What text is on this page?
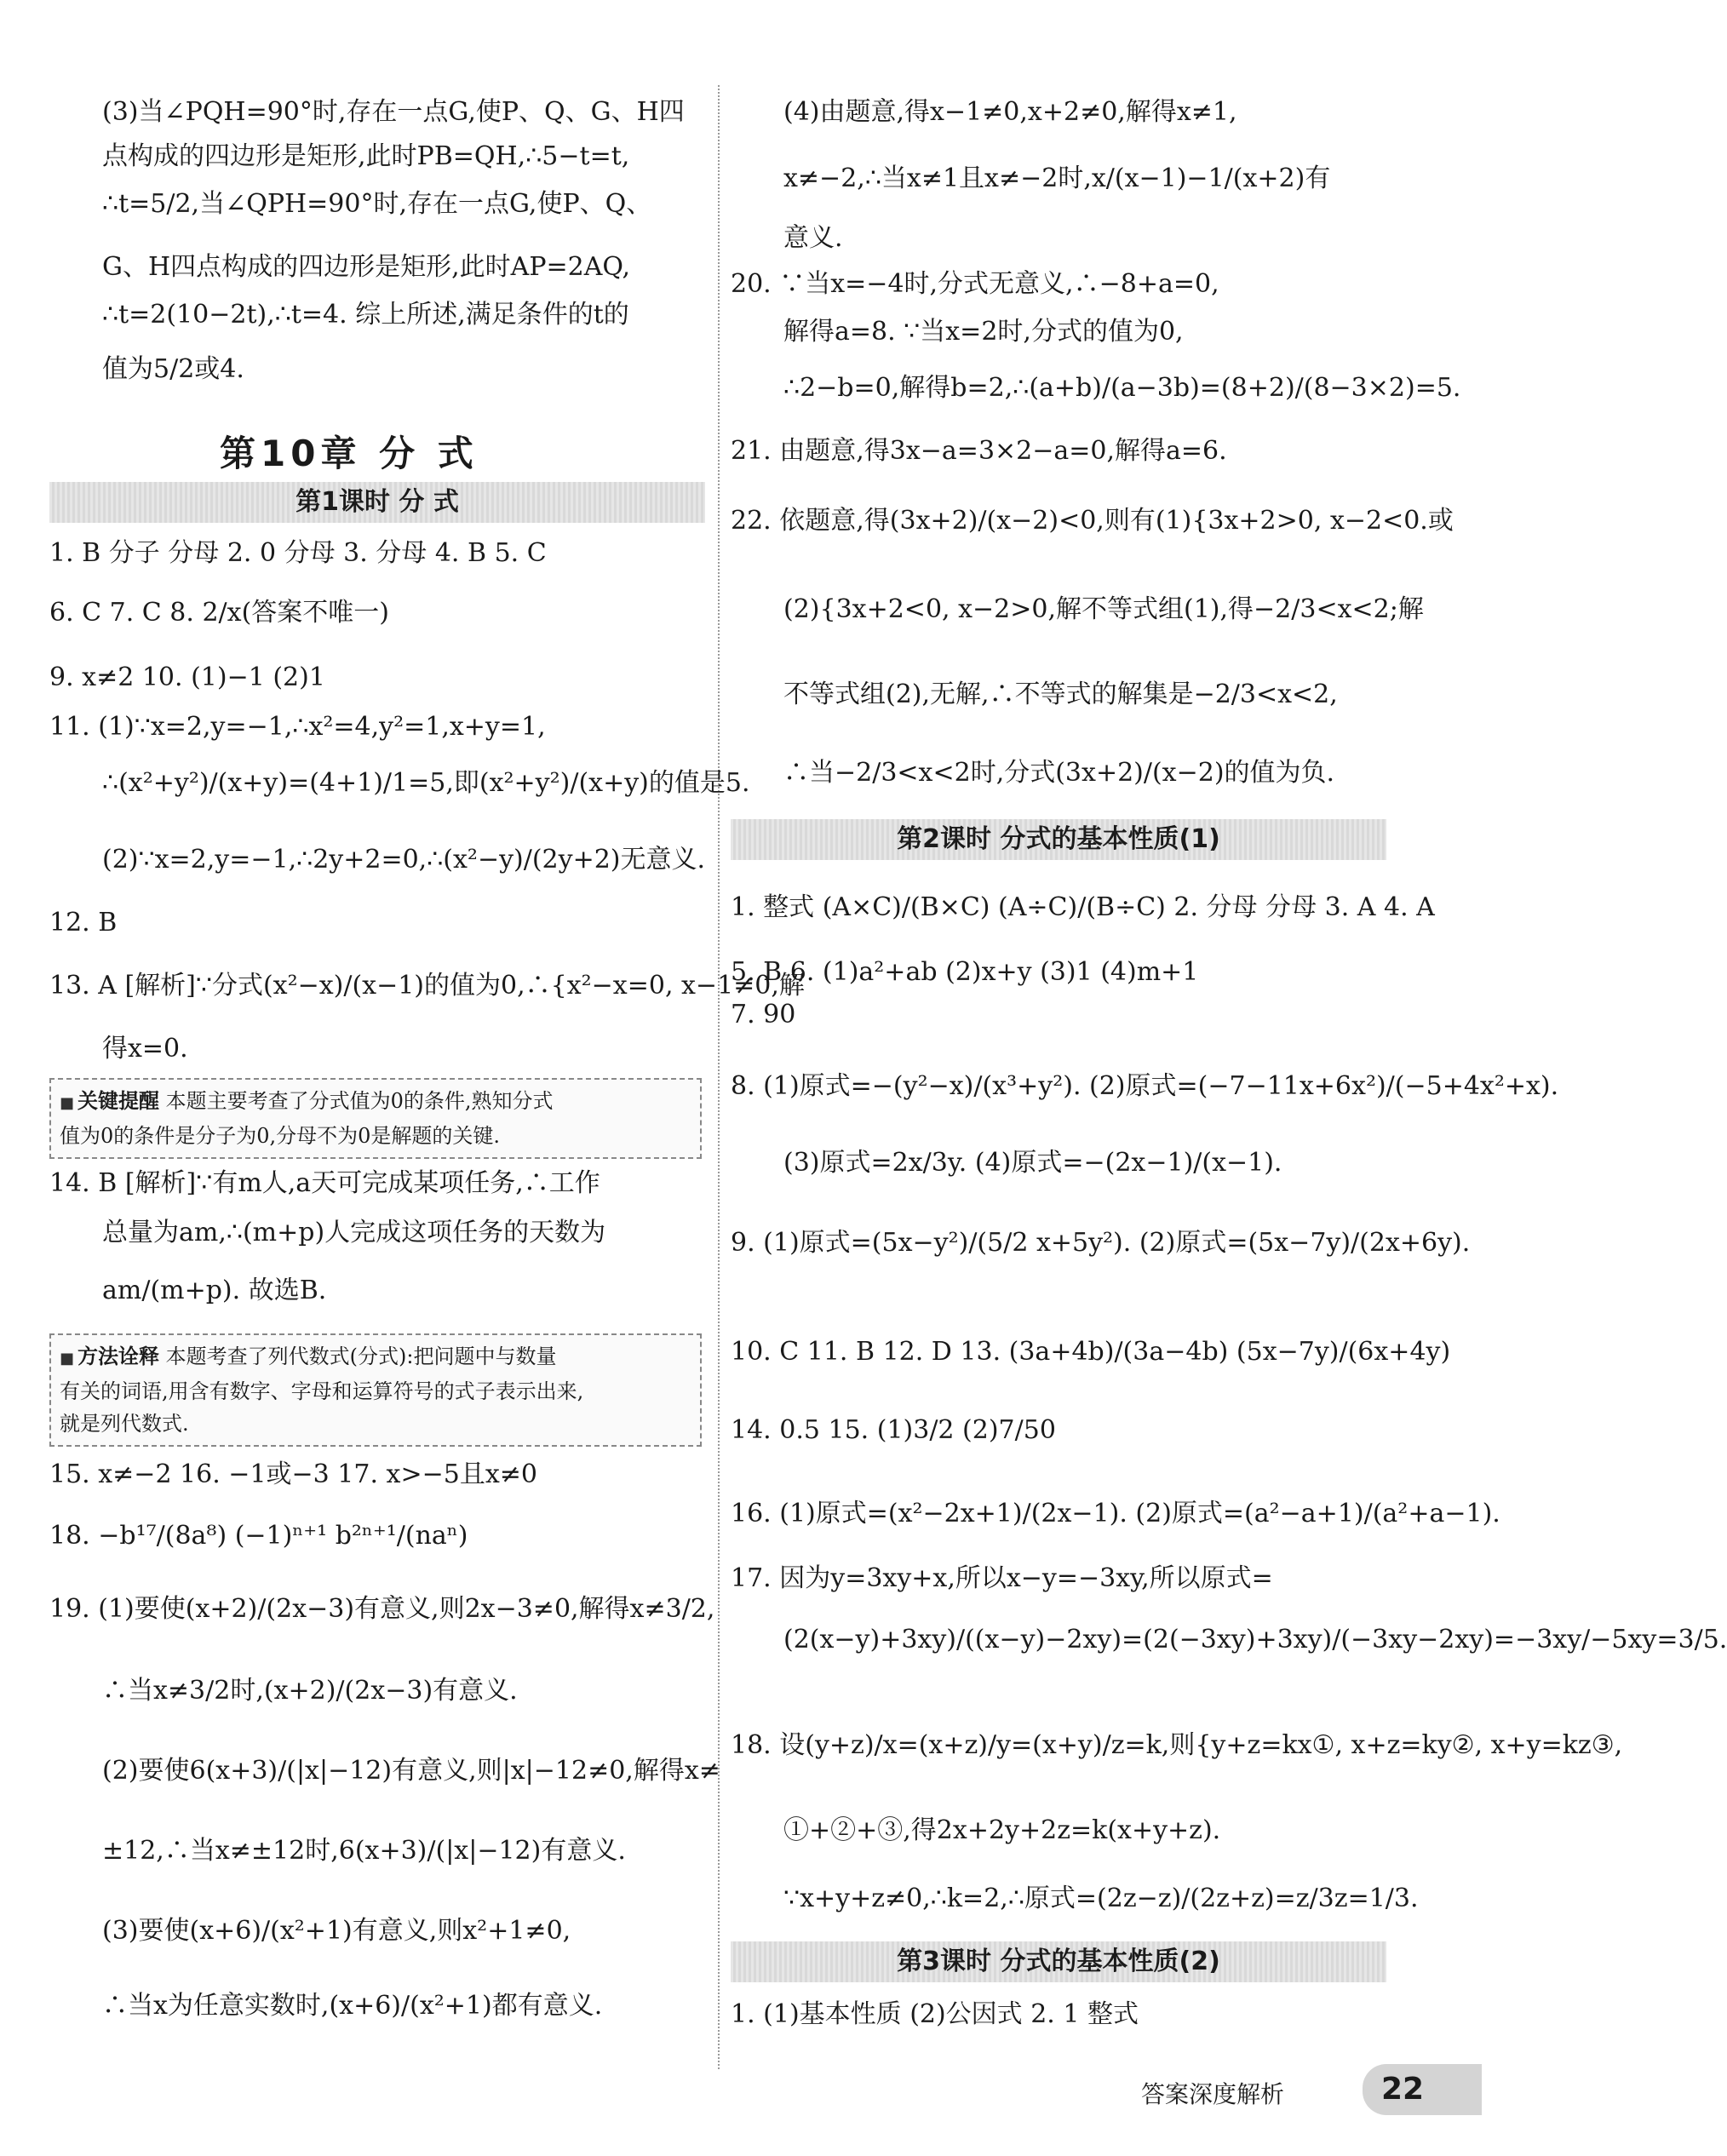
(3)当∠PQH=90°时,存在一点G,使P、Q、G、H四
点构成的四边形是矩形,此时PB=QH,∴5−t=t,
∴t=5/2,当∠QPH=90°时,存在一点G,使P、Q、
G、H四点构成的四边形是矩形,此时AP=2AQ,
∴t=2(10−2t),∴t=4. 综上所述,满足条件的t的
值为5/2或4.
第10章 分 式
第1课时 分 式
1. B 分子 分母 2. 0 分母 3. 分母 4. B 5. C
6. C 7. C 8. 2/x(答案不唯一)
9. x≠2 10. (1)−1 (2)1
11. (1)∵x=2,y=−1,∴x²=4,y²=1,x+y=1,
∴(x²+y²)/(x+y)=(4+1)/1=5,即(x²+y²)/(x+y)的值是5.
(2)∵x=2,y=−1,∴2y+2=0,∴(x²−y)/(2y+2)无意义.
12. B
13. A [解析]∵分式(x²−x)/(x−1)的值为0,∴{x²−x=0, x−1≠0,解
得x=0.
■ 关键提醒 本题主要考查了分式值为0的条件,熟知分式
值为0的条件是分子为0,分母不为0是解题的关键.
14. B [解析]∵有m人,a天可完成某项任务,∴工作
总量为am,∴(m+p)人完成这项任务的天数为
am/(m+p). 故选B.
■ 方法诠释 本题考查了列代数式(分式):把问题中与数量
有关的词语,用含有数字、字母和运算符号的式子表示出来,
就是列代数式.
15. x≠−2 16. −1或−3 17. x>−5且x≠0
18. −b¹⁷/(8a⁸) (−1)ⁿ⁺¹ b²ⁿ⁺¹/(naⁿ)
19. (1)要使(x+2)/(2x−3)有意义,则2x−3≠0,解得x≠3/2,
∴当x≠3/2时,(x+2)/(2x−3)有意义.
(2)要使6(x+3)/(|x|−12)有意义,则|x|−12≠0,解得x≠
±12,∴当x≠±12时,6(x+3)/(|x|−12)有意义.
(3)要使(x+6)/(x²+1)有意义,则x²+1≠0,
∴当x为任意实数时,(x+6)/(x²+1)都有意义.
(4)由题意,得x−1≠0,x+2≠0,解得x≠1,
x≠−2,∴当x≠1且x≠−2时,x/(x−1)−1/(x+2)有
意义.
20. ∵当x=−4时,分式无意义,∴−8+a=0,
解得a=8. ∵当x=2时,分式的值为0,
∴2−b=0,解得b=2,∴(a+b)/(a−3b)=(8+2)/(8−3×2)=5.
21. 由题意,得3x−a=3×2−a=0,解得a=6.
22. 依题意,得(3x+2)/(x−2)<0,则有(1){3x+2>0, x−2<0.或
(2){3x+2<0, x−2>0,解不等式组(1),得−2/3<x<2;解
不等式组(2),无解,∴不等式的解集是−2/3<x<2,
∴当−2/3<x<2时,分式(3x+2)/(x−2)的值为负.
第2课时 分式的基本性质(1)
1. 整式 (A×C)/(B×C) (A÷C)/(B÷C) 2. 分母 分母 3. A 4. A
5. B 6. (1)a²+ab (2)x+y (3)1 (4)m+1
7. 90
8. (1)原式=−(y²−x)/(x³+y²). (2)原式=(−7−11x+6x²)/(−5+4x²+x).
(3)原式=2x/3y. (4)原式=−(2x−1)/(x−1).
9. (1)原式=(5x−y²)/(5/2 x+5y²). (2)原式=(5x−7y)/(2x+6y).
10. C 11. B 12. D 13. (3a+4b)/(3a−4b) (5x−7y)/(6x+4y)
14. 0.5 15. (1)3/2 (2)7/50
16. (1)原式=(x²−2x+1)/(2x−1). (2)原式=(a²−a+1)/(a²+a−1).
17. 因为y=3xy+x,所以x−y=−3xy,所以原式=
(2(x−y)+3xy)/((x−y)−2xy)=(2(−3xy)+3xy)/(−3xy−2xy)=−3xy/−5xy=3/5.
18. 设(y+z)/x=(x+z)/y=(x+y)/z=k,则{y+z=kx①, x+z=ky②, x+y=kz③,
①+②+③,得2x+2y+2z=k(x+y+z).
∵x+y+z≠0,∴k=2,∴原式=(2z−z)/(2z+z)=z/3z=1/3.
第3课时 分式的基本性质(2)
1. (1)基本性质 (2)公因式 2. 1 整式
答案深度解析	22
